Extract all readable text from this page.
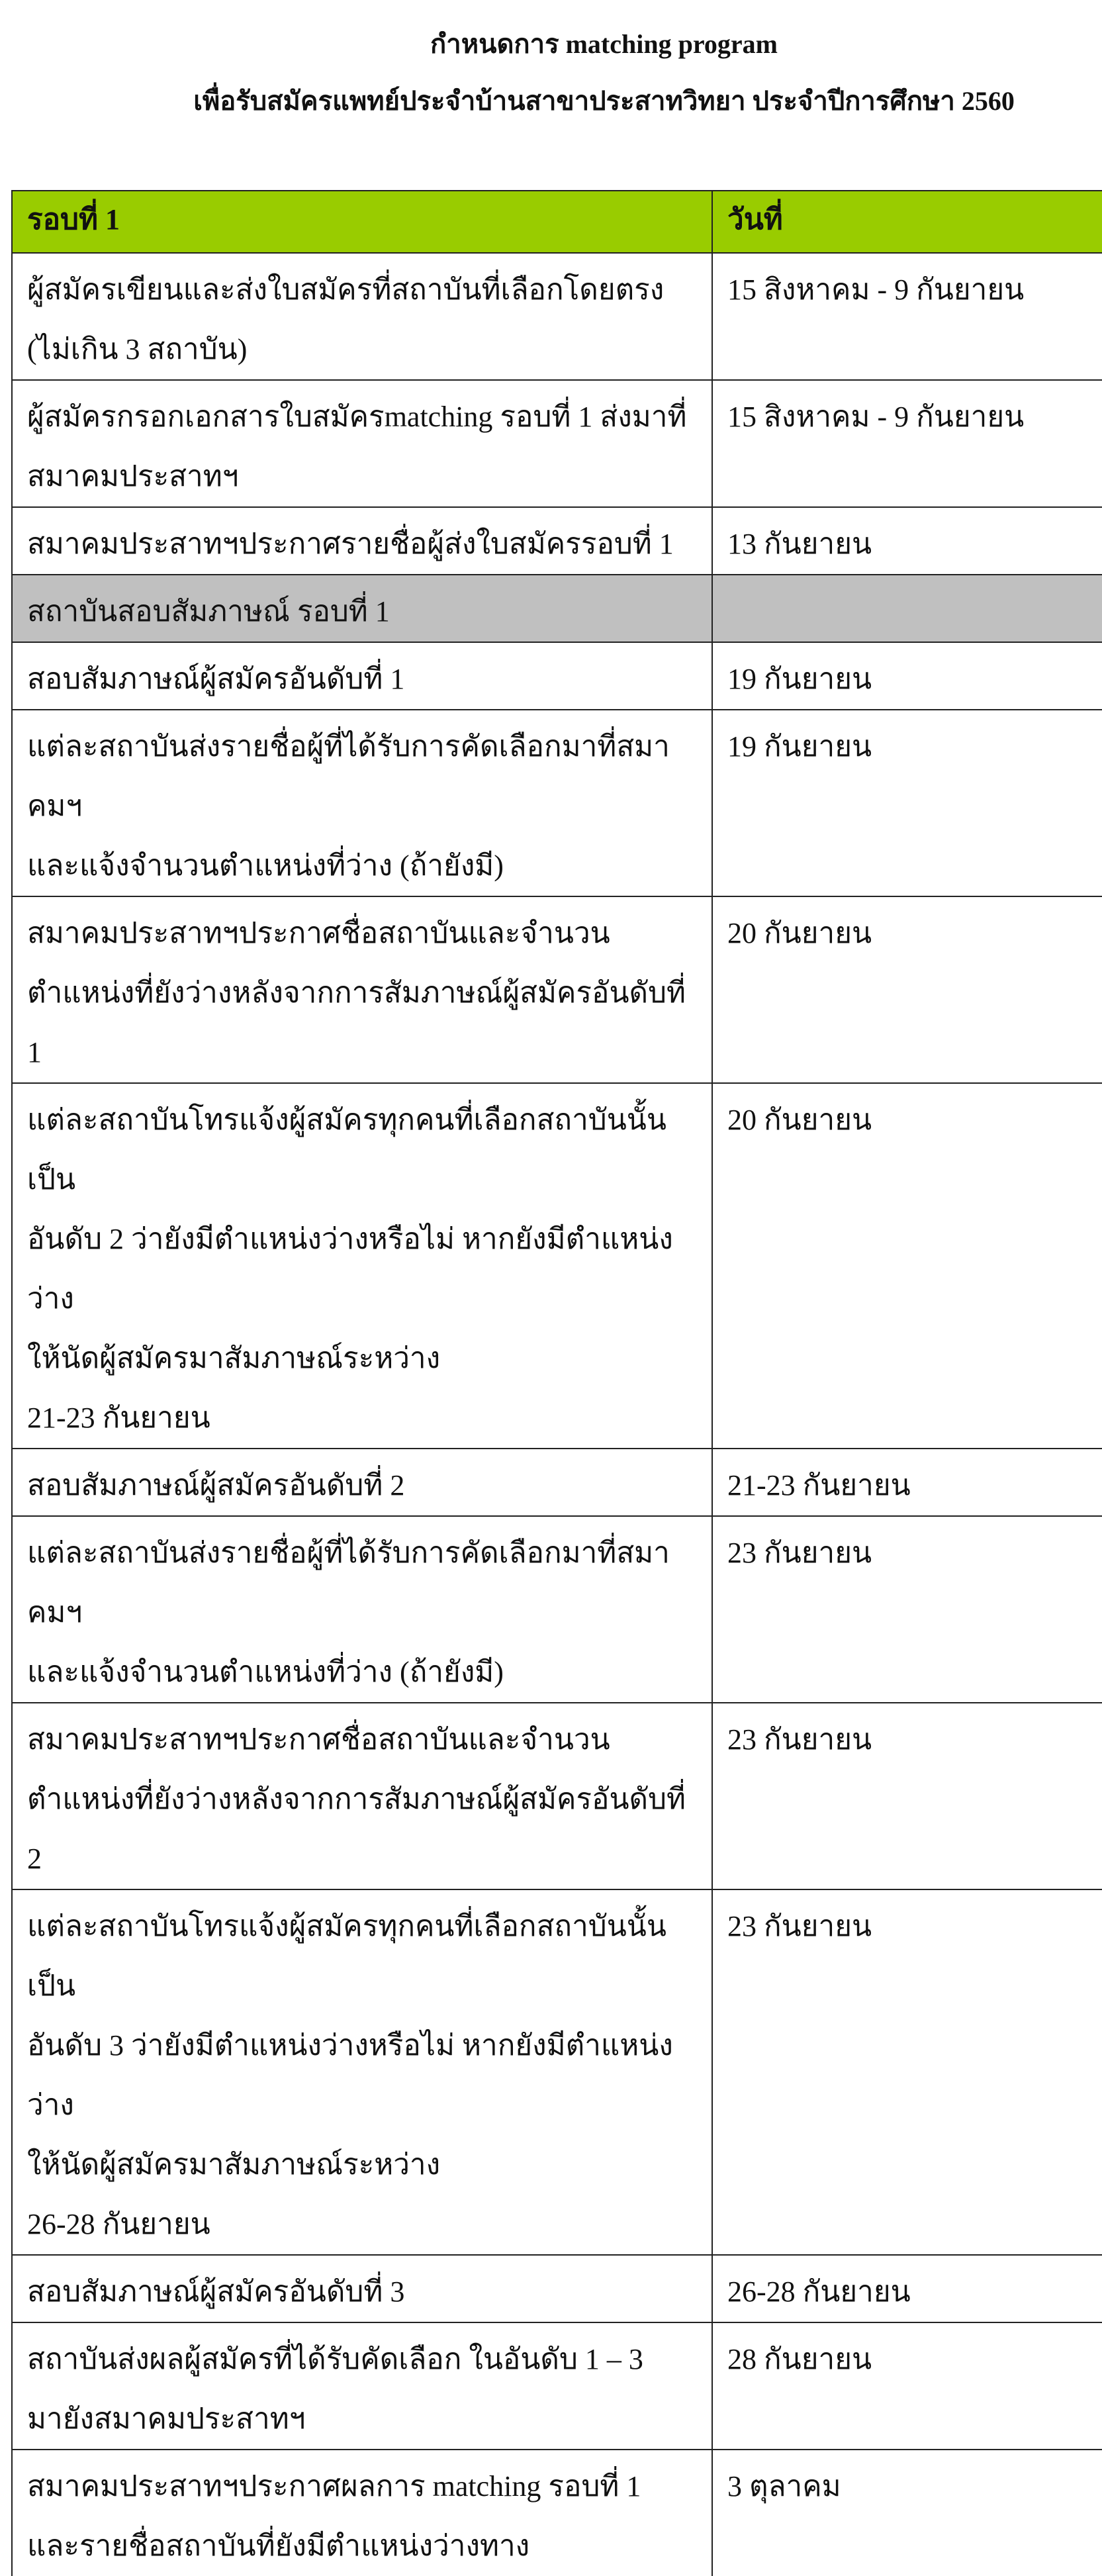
กำหนดการ matching program
เพื่อรับสมัครแพทย์ประจำบ้านสาขาประสาทวิทยา ประจำปีการศึกษา 2560
รอบที่ 1	วันที่

ผู้สมัครเขียนและส่งใบสมัครที่สถาบันที่เลือกโดยตรง
(ไม่เกิน 3 สถาบัน)	15 สิงหาคม - 9 กันยายน

ผู้สมัครกรอกเอกสารใบสมัครmatching รอบที่ 1 ส่งมาที่
สมาคมประสาทฯ	15 สิงหาคม - 9 กันยายน

สมาคมประสาทฯประกาศรายชื่อผู้ส่งใบสมัครรอบที่ 1	13 กันยายน

สถาบันสอบสัมภาษณ์ รอบที่ 1	

สอบสัมภาษณ์ผู้สมัครอันดับที่ 1	19 กันยายน

แต่ละสถาบันส่งรายชื่อผู้ที่ได้รับการคัดเลือกมาที่สมาคมฯ
และแจ้งจำนวนตำแหน่งที่ว่าง (ถ้ายังมี)	19 กันยายน

สมาคมประสาทฯประกาศชื่อสถาบันและจำนวน
ตำแหน่งที่ยังว่างหลังจากการสัมภาษณ์ผู้สมัครอันดับที่ 1	20 กันยายน

แต่ละสถาบันโทรแจ้งผู้สมัครทุกคนที่เลือกสถาบันนั้น เป็น
อันดับ 2 ว่ายังมีตำแหน่งว่างหรือไม่ หากยังมีตำแหน่งว่าง
ให้นัดผู้สมัครมาสัมภาษณ์ระหว่าง
21-23 กันยายน	20 กันยายน

สอบสัมภาษณ์ผู้สมัครอันดับที่ 2	21-23 กันยายน

แต่ละสถาบันส่งรายชื่อผู้ที่ได้รับการคัดเลือกมาที่สมาคมฯ
และแจ้งจำนวนตำแหน่งที่ว่าง (ถ้ายังมี)	23 กันยายน

สมาคมประสาทฯประกาศชื่อสถาบันและจำนวน
ตำแหน่งที่ยังว่างหลังจากการสัมภาษณ์ผู้สมัครอันดับที่ 2	23 กันยายน

แต่ละสถาบันโทรแจ้งผู้สมัครทุกคนที่เลือกสถาบันนั้น เป็น
อันดับ 3 ว่ายังมีตำแหน่งว่างหรือไม่ หากยังมีตำแหน่งว่าง
ให้นัดผู้สมัครมาสัมภาษณ์ระหว่าง
26-28 กันยายน	23 กันยายน

สอบสัมภาษณ์ผู้สมัครอันดับที่ 3	26-28 กันยายน

สถาบันส่งผลผู้สมัครที่ได้รับคัดเลือก ในอันดับ 1 – 3
มายังสมาคมประสาทฯ	28 กันยายน

สมาคมประสาทฯประกาศผลการ matching รอบที่ 1
และรายชื่อสถาบันที่ยังมีตำแหน่งว่างทาง	3 ตุลาคม
